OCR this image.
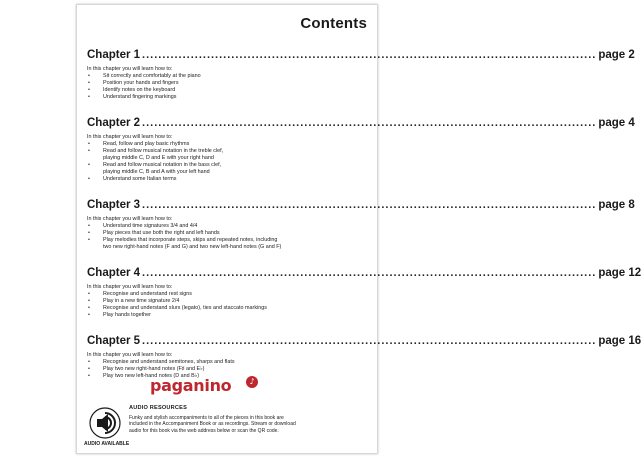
Contents
Chapter 1 .....	page 2
In this chapter you will learn how to:
• Sit correctly and comfortably at the piano
• Position your hands and fingers
• Identify notes on the keyboard
• Understand fingering markings
Chapter 2 .....	page 4
In this chapter you will learn how to:
• Read, follow and play basic rhythms
• Read and follow musical notation in the treble clef,
playing middle C, D and E with your right hand
• Read and follow musical notation in the bass clef,
playing middle C, B and A with your left hand
• Understand some Italian terms
Chapter 3 .....	page 8
In this chapter you will learn how to:
• Understand time signatures 3/4 and 4/4
• Play pieces that use both the right and left hands
• Play melodies that incorporate steps, skips and repeated notes, including
two new right-hand notes (F and G) and two new left-hand notes (G and F)
Chapter 4 .....	page 12
In this chapter you will learn how to:
• Recognise and understand rest signs
• Play in a new time signature 2/4
• Recognise and understand slurs (legato), ties and staccato markings
• Play hands together
Chapter 5 .....	page 16
In this chapter you will learn how to:
• Recognise and understand semitones, sharps and flats
• Play two new right-hand notes (F♯ and E♭)
• Play two new left-hand notes (D and B♭)
AUDIO AVAILABLE
AUDIO RESOURCES
Funky and stylish accompaniments to all of the pieces in this book are
included in the Accompaniment Book or as recordings. Stream or download
audio for this book via the web address below or scan the QR code.
paganino	♪
